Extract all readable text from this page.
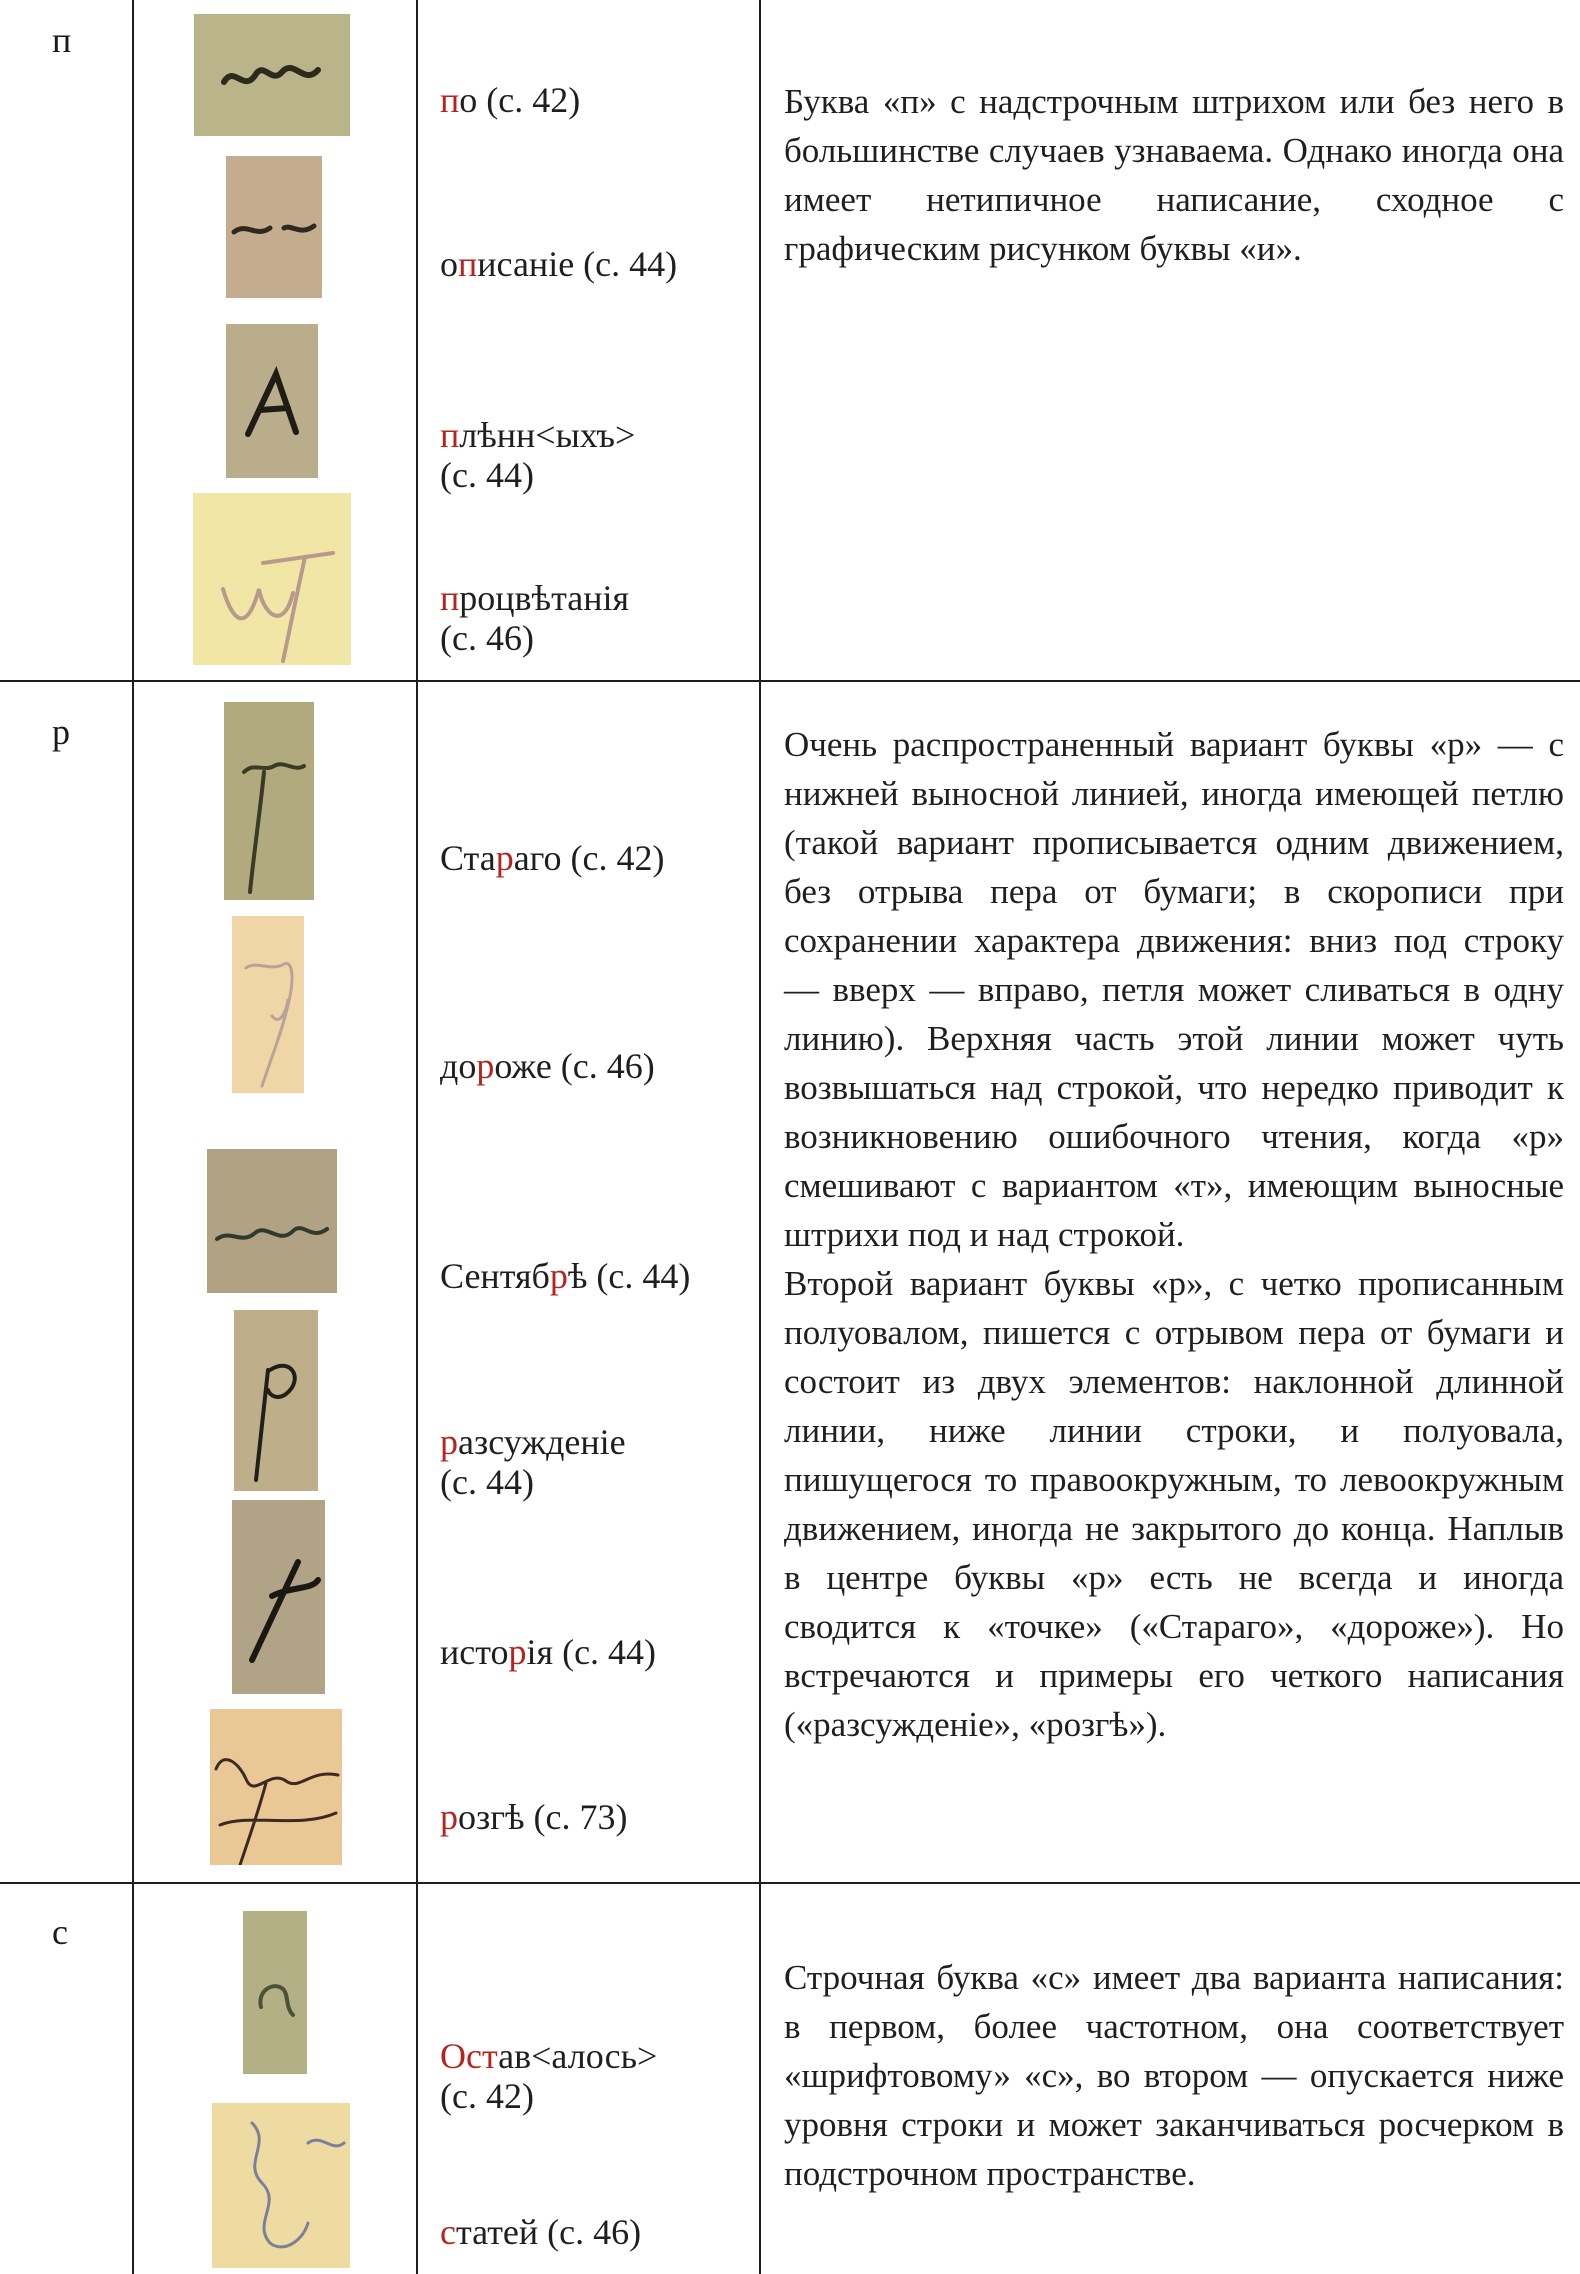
п
по (с. 42)
описаніе (с. 44)
плѣнн<ыхъ>
(с. 44)
процвѣтанія
(с. 46)

Буква «п» с надстрочным штрихом или без него в большинстве случаев узнаваема. Однако иногда она имеет нетипичное написание, сходное с графическим рисунком буквы «и».

р
Стараго (с. 42)
дороже (с. 46)
Сентябрѣ (с. 44)
разсужденіе
(с. 44)
исторія (с. 44)
розгѣ (с. 73)

Очень распространенный вариант буквы «р» — с нижней выносной линией, иногда имеющей петлю (такой вариант прописывается одним движением, без отрыва пера от бумаги; в скорописи при сохранении характера движения: вниз под строку — вверх — вправо, петля может сливаться в одну линию). Верхняя часть этой линии может чуть возвышаться над строкой, что нередко приводит к возникновению ошибочного чтения, когда «р» смешивают с вариантом «т», имеющим выносные штрихи под и над строкой.

Второй вариант буквы «р», с четко прописанным полуовалом, пишется с отрывом пера от бумаги и состоит из двух элементов: наклонной длинной линии, ниже линии строки, и полуовала, пишущегося то правоокружным, то левоокружным движением, иногда не закрытого до конца. Наплыв в центре буквы «р» есть не всегда и иногда сводится к «точке» («Стараго», «дороже»). Но встречаются и примеры его четкого написания («разсужденіе», «розгѣ»).

с
Остав<алось>
(с. 42)
статей (с. 46)

Строчная буква «с» имеет два варианта написания: в первом, более частотном, она соответствует «шрифтовому» «с», во втором — опускается ниже уровня строки и может заканчиваться росчерком в подстрочном пространстве.
